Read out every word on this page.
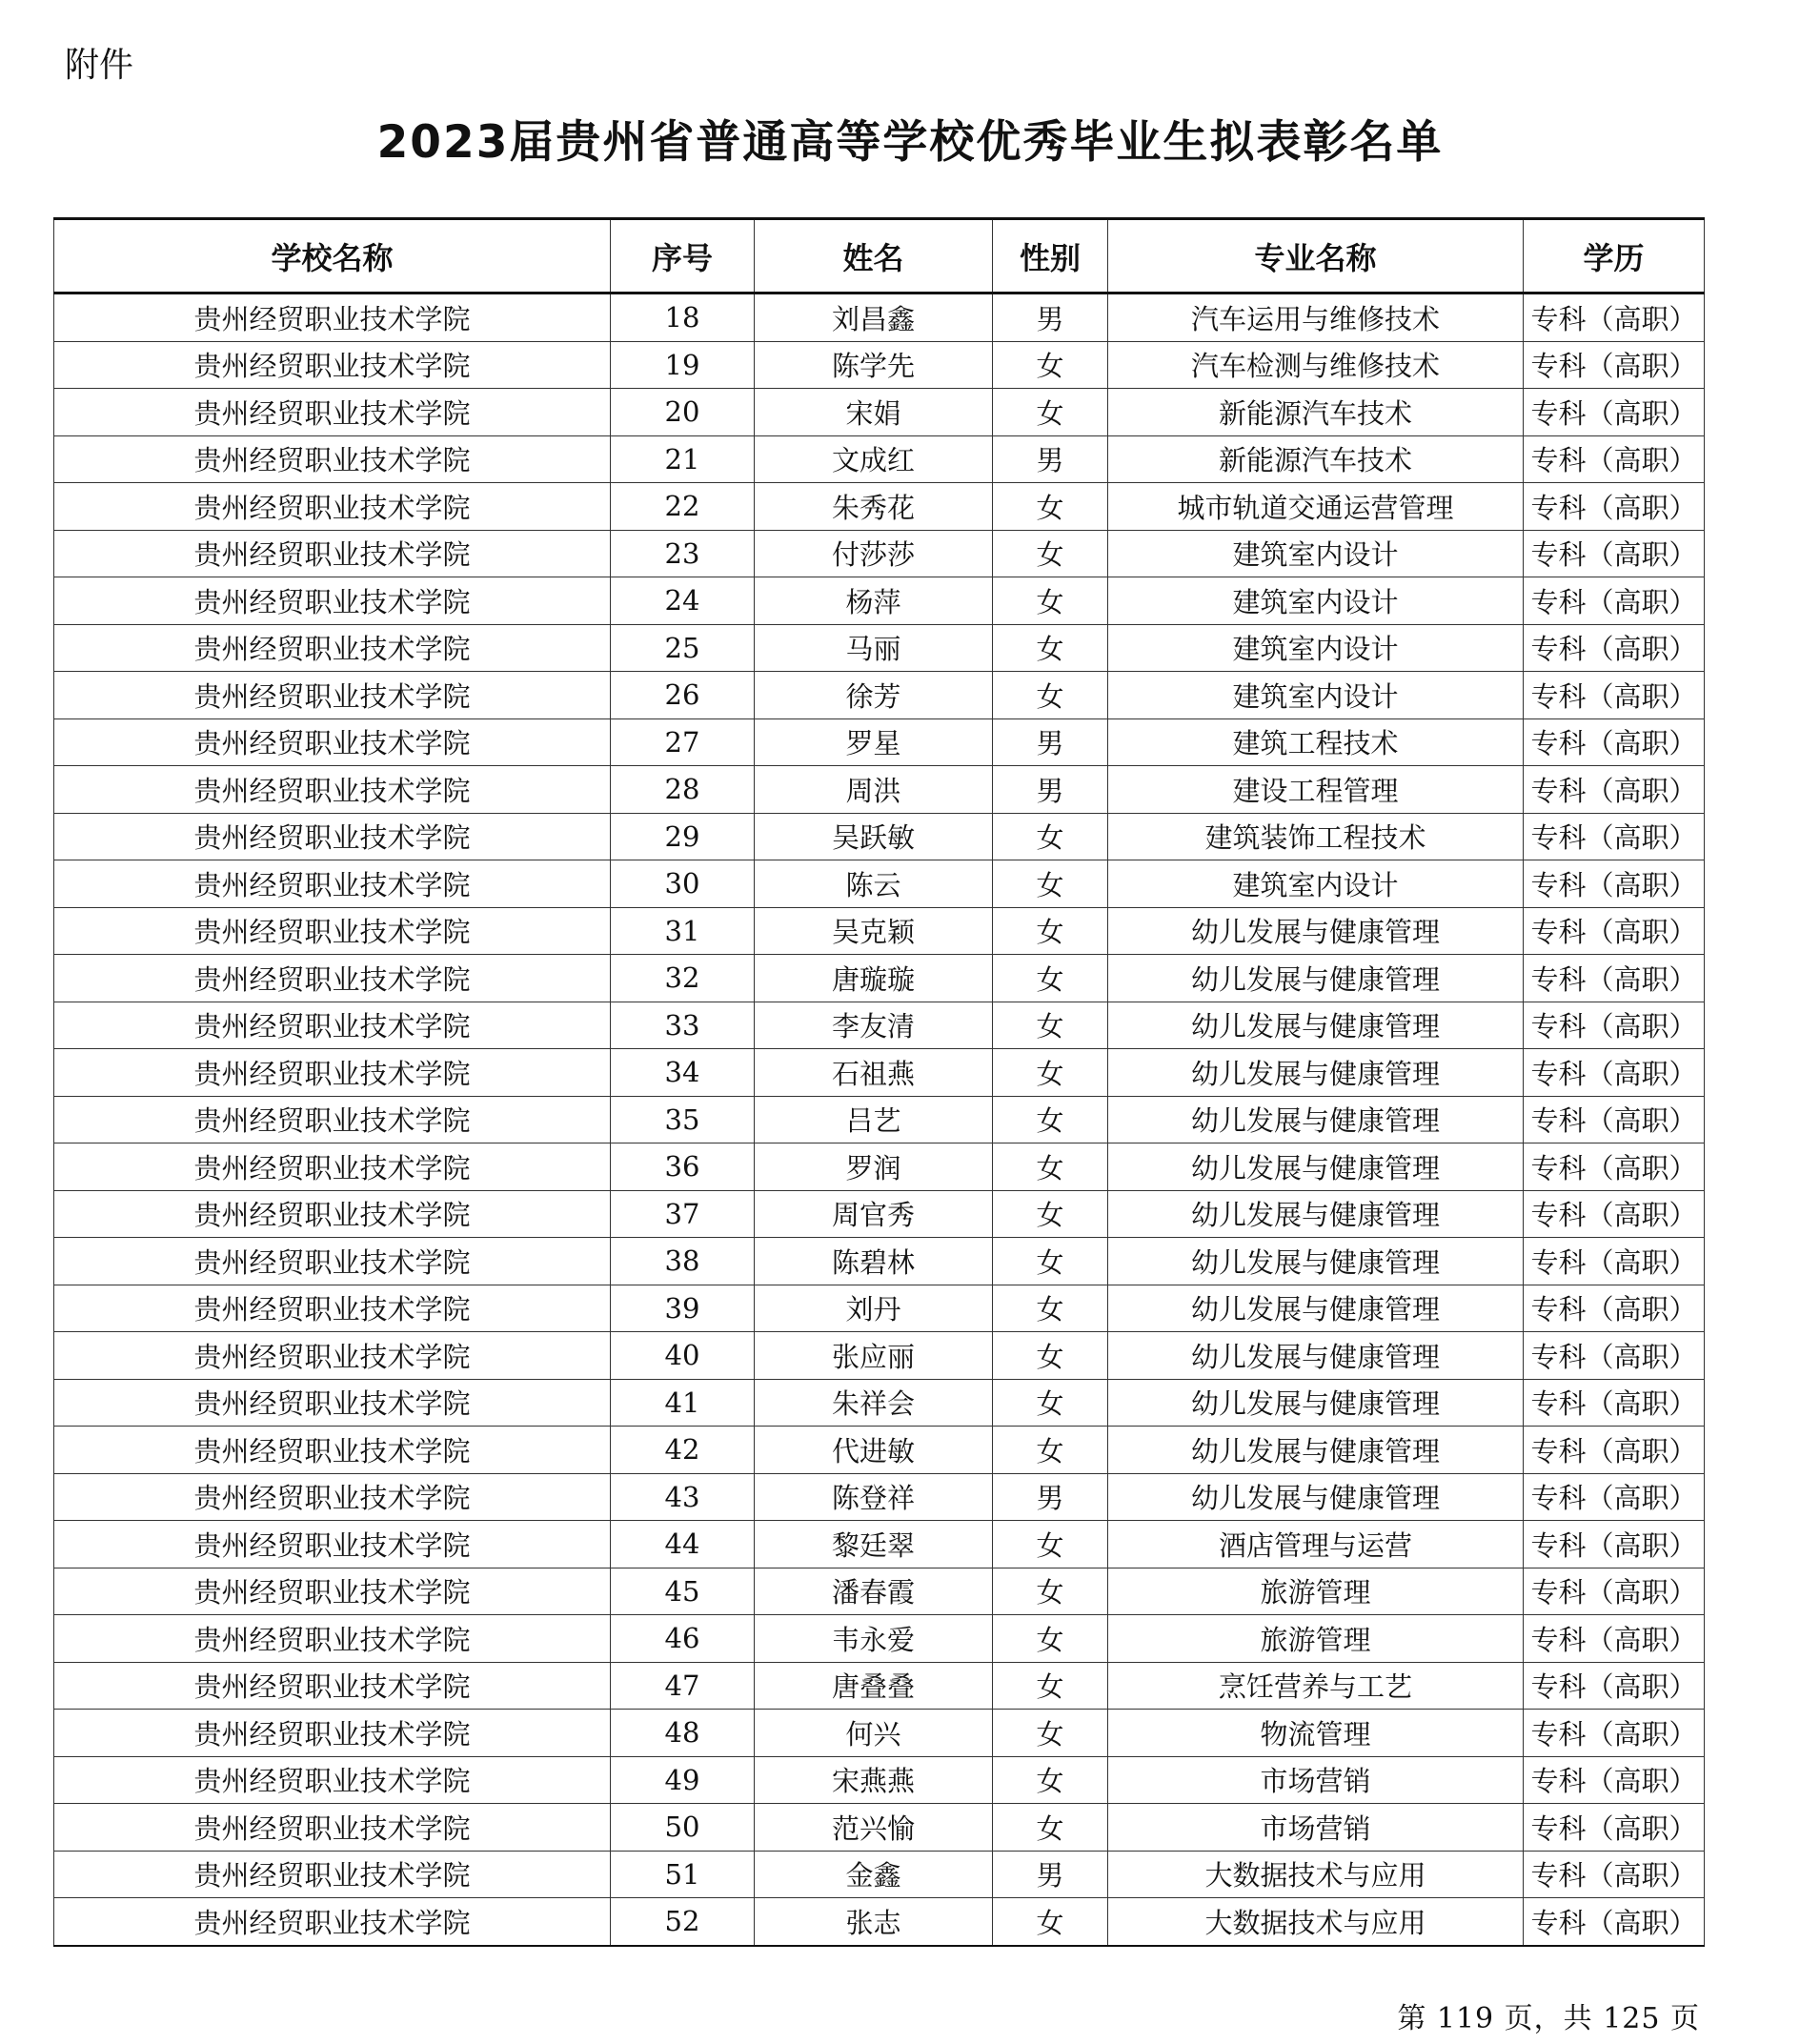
附件
2023届贵州省普通高等学校优秀毕业生拟表彰名单
学校名称	序号	姓名	性别	专业名称	学历
贵州经贸职业技术学院	18	刘昌鑫	男	汽车运用与维修技术	专科（高职）
贵州经贸职业技术学院	19	陈学先	女	汽车检测与维修技术	专科（高职）
贵州经贸职业技术学院	20	宋娟	女	新能源汽车技术	专科（高职）
贵州经贸职业技术学院	21	文成红	男	新能源汽车技术	专科（高职）
贵州经贸职业技术学院	22	朱秀花	女	城市轨道交通运营管理	专科（高职）
贵州经贸职业技术学院	23	付莎莎	女	建筑室内设计	专科（高职）
贵州经贸职业技术学院	24	杨萍	女	建筑室内设计	专科（高职）
贵州经贸职业技术学院	25	马丽	女	建筑室内设计	专科（高职）
贵州经贸职业技术学院	26	徐芳	女	建筑室内设计	专科（高职）
贵州经贸职业技术学院	27	罗星	男	建筑工程技术	专科（高职）
贵州经贸职业技术学院	28	周洪	男	建设工程管理	专科（高职）
贵州经贸职业技术学院	29	吴跃敏	女	建筑装饰工程技术	专科（高职）
贵州经贸职业技术学院	30	陈云	女	建筑室内设计	专科（高职）
贵州经贸职业技术学院	31	吴克颖	女	幼儿发展与健康管理	专科（高职）
贵州经贸职业技术学院	32	唐璇璇	女	幼儿发展与健康管理	专科（高职）
贵州经贸职业技术学院	33	李友清	女	幼儿发展与健康管理	专科（高职）
贵州经贸职业技术学院	34	石祖燕	女	幼儿发展与健康管理	专科（高职）
贵州经贸职业技术学院	35	吕艺	女	幼儿发展与健康管理	专科（高职）
贵州经贸职业技术学院	36	罗润	女	幼儿发展与健康管理	专科（高职）
贵州经贸职业技术学院	37	周官秀	女	幼儿发展与健康管理	专科（高职）
贵州经贸职业技术学院	38	陈碧林	女	幼儿发展与健康管理	专科（高职）
贵州经贸职业技术学院	39	刘丹	女	幼儿发展与健康管理	专科（高职）
贵州经贸职业技术学院	40	张应丽	女	幼儿发展与健康管理	专科（高职）
贵州经贸职业技术学院	41	朱祥会	女	幼儿发展与健康管理	专科（高职）
贵州经贸职业技术学院	42	代进敏	女	幼儿发展与健康管理	专科（高职）
贵州经贸职业技术学院	43	陈登祥	男	幼儿发展与健康管理	专科（高职）
贵州经贸职业技术学院	44	黎廷翠	女	酒店管理与运营	专科（高职）
贵州经贸职业技术学院	45	潘春霞	女	旅游管理	专科（高职）
贵州经贸职业技术学院	46	韦永爱	女	旅游管理	专科（高职）
贵州经贸职业技术学院	47	唐叠叠	女	烹饪营养与工艺	专科（高职）
贵州经贸职业技术学院	48	何兴	女	物流管理	专科（高职）
贵州经贸职业技术学院	49	宋燕燕	女	市场营销	专科（高职）
贵州经贸职业技术学院	50	范兴愉	女	市场营销	专科（高职）
贵州经贸职业技术学院	51	金鑫	男	大数据技术与应用	专科（高职）
贵州经贸职业技术学院	52	张志	女	大数据技术与应用	专科（高职）
第 119 页，共 125 页
